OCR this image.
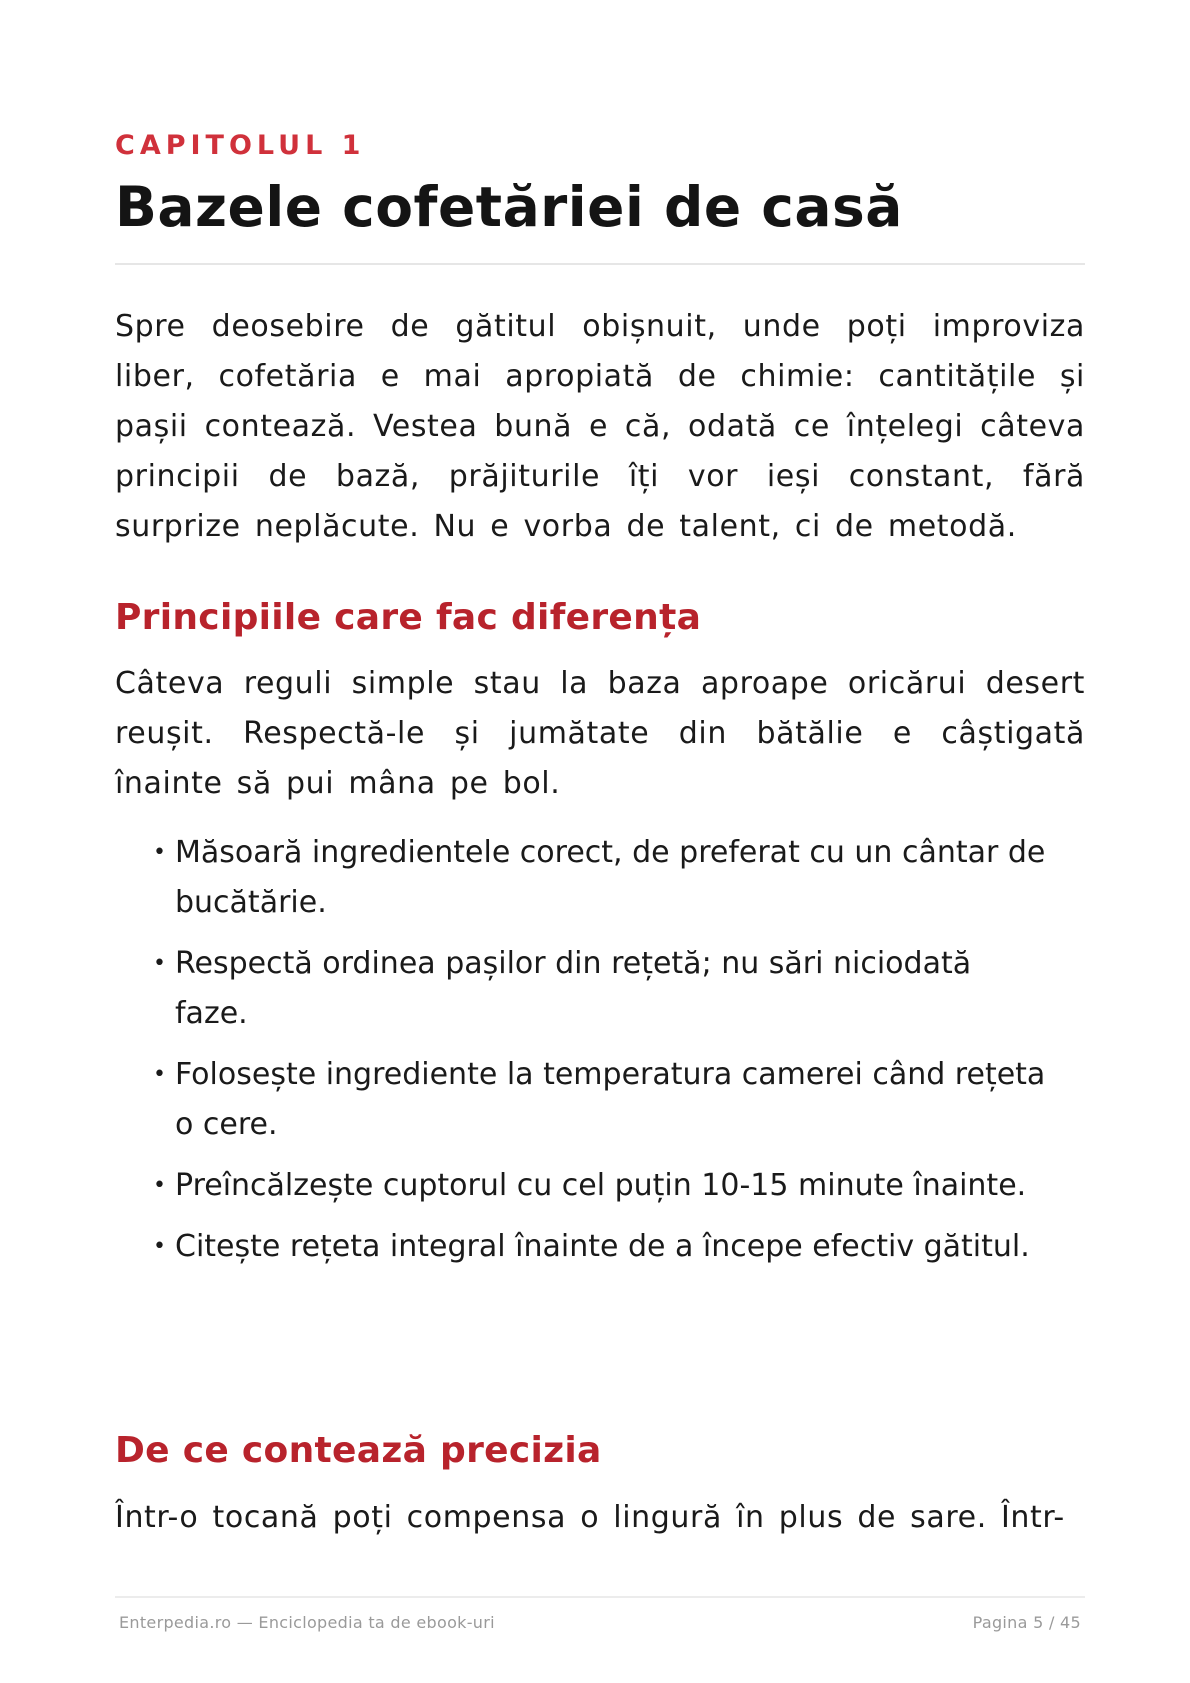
CAPITOLUL 1
Bazele cofetăriei de casă

Spre deosebire de gătitul obișnuit, unde poți improviza liber, cofetăria e mai apropiată de chimie: cantitățile și pașii contează. Vestea bună e că, odată ce înțelegi câteva principii de bază, prăjiturile îți vor ieși constant, fără surprize neplăcute. Nu e vorba de talent, ci de metodă.

Principiile care fac diferența

Câteva reguli simple stau la baza aproape oricărui desert reușit. Respectă-le și jumătate din bătălie e câștigată înainte să pui mâna pe bol.

• Măsoară ingredientele corect, de preferat cu un cântar de bucătărie.
• Respectă ordinea pașilor din rețetă; nu sări niciodată faze.
• Folosește ingrediente la temperatura camerei când rețeta o cere.
• Preîncălzește cuptorul cu cel puțin 10-15 minute înainte.
• Citește rețeta integral înainte de a începe efectiv gătitul.
De ce contează precizia

Într-o tocană poți compensa o lingură în plus de sare. Într-

Enterpedia.ro — Enciclopedia ta de ebook-uri	Pagina 5 / 45
